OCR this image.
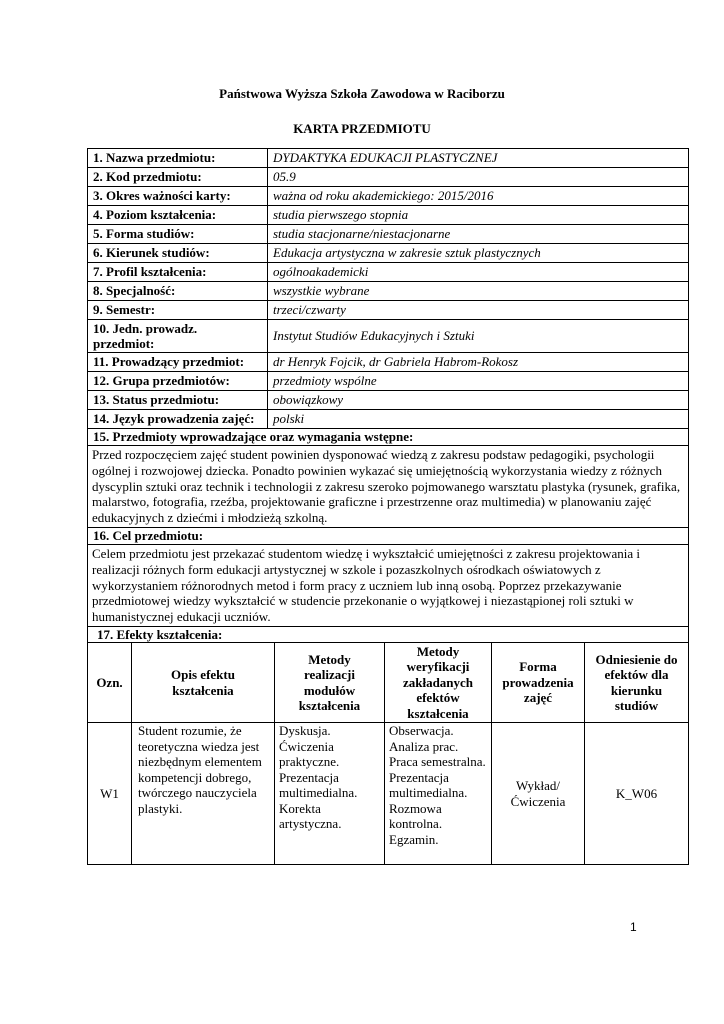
Państwowa Wyższa Szkoła Zawodowa w Raciborzu
KARTA PRZEDMIOTU
1. Nazwa przedmiotu:	DYDAKTYKA EDUKACJI PLASTYCZNEJ
2. Kod przedmiotu:	05.9
3. Okres ważności karty:	ważna od roku akademickiego: 2015/2016
4. Poziom kształcenia:	studia pierwszego stopnia
5. Forma studiów:	studia stacjonarne/niestacjonarne
6. Kierunek studiów:	Edukacja artystyczna w zakresie sztuk plastycznych
7. Profil kształcenia:	ogólnoakademicki
8. Specjalność:	wszystkie wybrane
9. Semestr:	trzeci/czwarty
10. Jedn. prowadz. przedmiot:	Instytut Studiów Edukacyjnych i Sztuki
11. Prowadzący przedmiot:	dr Henryk Fojcik, dr Gabriela Habrom-Rokosz
12. Grupa przedmiotów:	przedmioty wspólne
13. Status przedmiotu:	obowiązkowy
14. Język prowadzenia zajęć:	polski
15. Przedmioty wprowadzające oraz wymagania wstępne:	
Przed rozpoczęciem zajęć student powinien dysponować wiedzą z zakresu podstaw pedagogiki, psychologii ogólnej i rozwojowej dziecka. Ponadto powinien wykazać się umiejętnością wykorzystania wiedzy z różnych dyscyplin sztuki oraz technik i technologii z zakresu szeroko pojmowanego warsztatu plastyka (rysunek, grafika, malarstwo, fotografia, rzeźba, projektowanie graficzne i przestrzenne oraz multimedia) w planowaniu zajęć edukacyjnych z dziećmi i młodzieżą szkolną.	
16. Cel przedmiotu:	
Celem przedmiotu jest przekazać studentom wiedzę i wykształcić umiejętności z zakresu projektowania i realizacji różnych form edukacji artystycznej w szkole i pozaszkolnych ośrodkach oświatowych z wykorzystaniem różnorodnych metod i form pracy z uczniem lub inną osobą. Poprzez przekazywanie przedmiotowej wiedzy wykształcić w studencie przekonanie o wyjątkowej i niezastąpionej roli sztuki w humanistycznej edukacji uczniów.	
17. Efekty kształcenia:	
Ozn.	Opis efektu kształcenia	Metody realizacji modułów kształcenia	Metody weryfikacji zakładanych efektów kształcenia	Forma prowadzenia zajęć	Odniesienie do efektów dla kierunku studiów
W1	Student rozumie, że teoretyczna wiedza jest niezbędnym elementem kompetencji dobrego, twórczego nauczyciela plastyki.	Dyskusja. Ćwiczenia praktyczne. Prezentacja multimedialna. Korekta artystyczna.	Obserwacja. Analiza prac. Praca semestralna. Prezentacja multimedialna. Rozmowa kontrolna. Egzamin.	Wykład/ Ćwiczenia	K_W06
1
